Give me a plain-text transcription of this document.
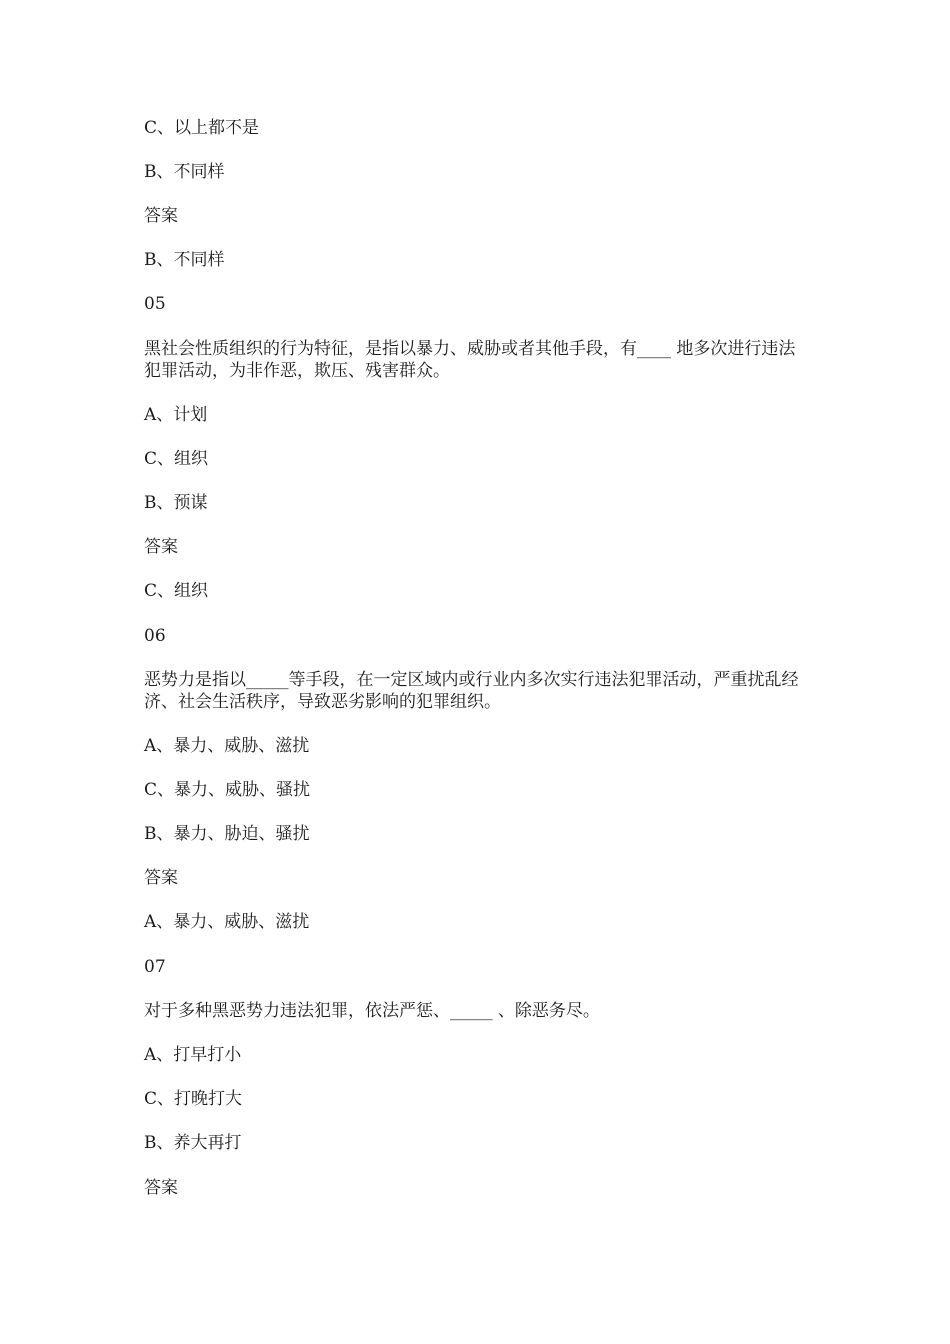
C、以上都不是

B、不同样

答案

B、不同样

05

黑社会性质组织的行为特征，是指以暴力、威胁或者其他手段，有____ 地多次进行违法犯罪活动，为非作恶，欺压、残害群众。

A、计划

C、组织

B、预谋

答案

C、组织

06

恶势力是指以_____等手段，在一定区域内或行业内多次实行违法犯罪活动，严重扰乱经济、社会生活秩序，导致恶劣影响的犯罪组织。

A、暴力、威胁、滋扰

C、暴力、威胁、骚扰

B、暴力、胁迫、骚扰

答案

A、暴力、威胁、滋扰

07

对于多种黑恶势力违法犯罪，依法严惩、_____ 、除恶务尽。

A、打早打小

C、打晚打大

B、养大再打

答案
